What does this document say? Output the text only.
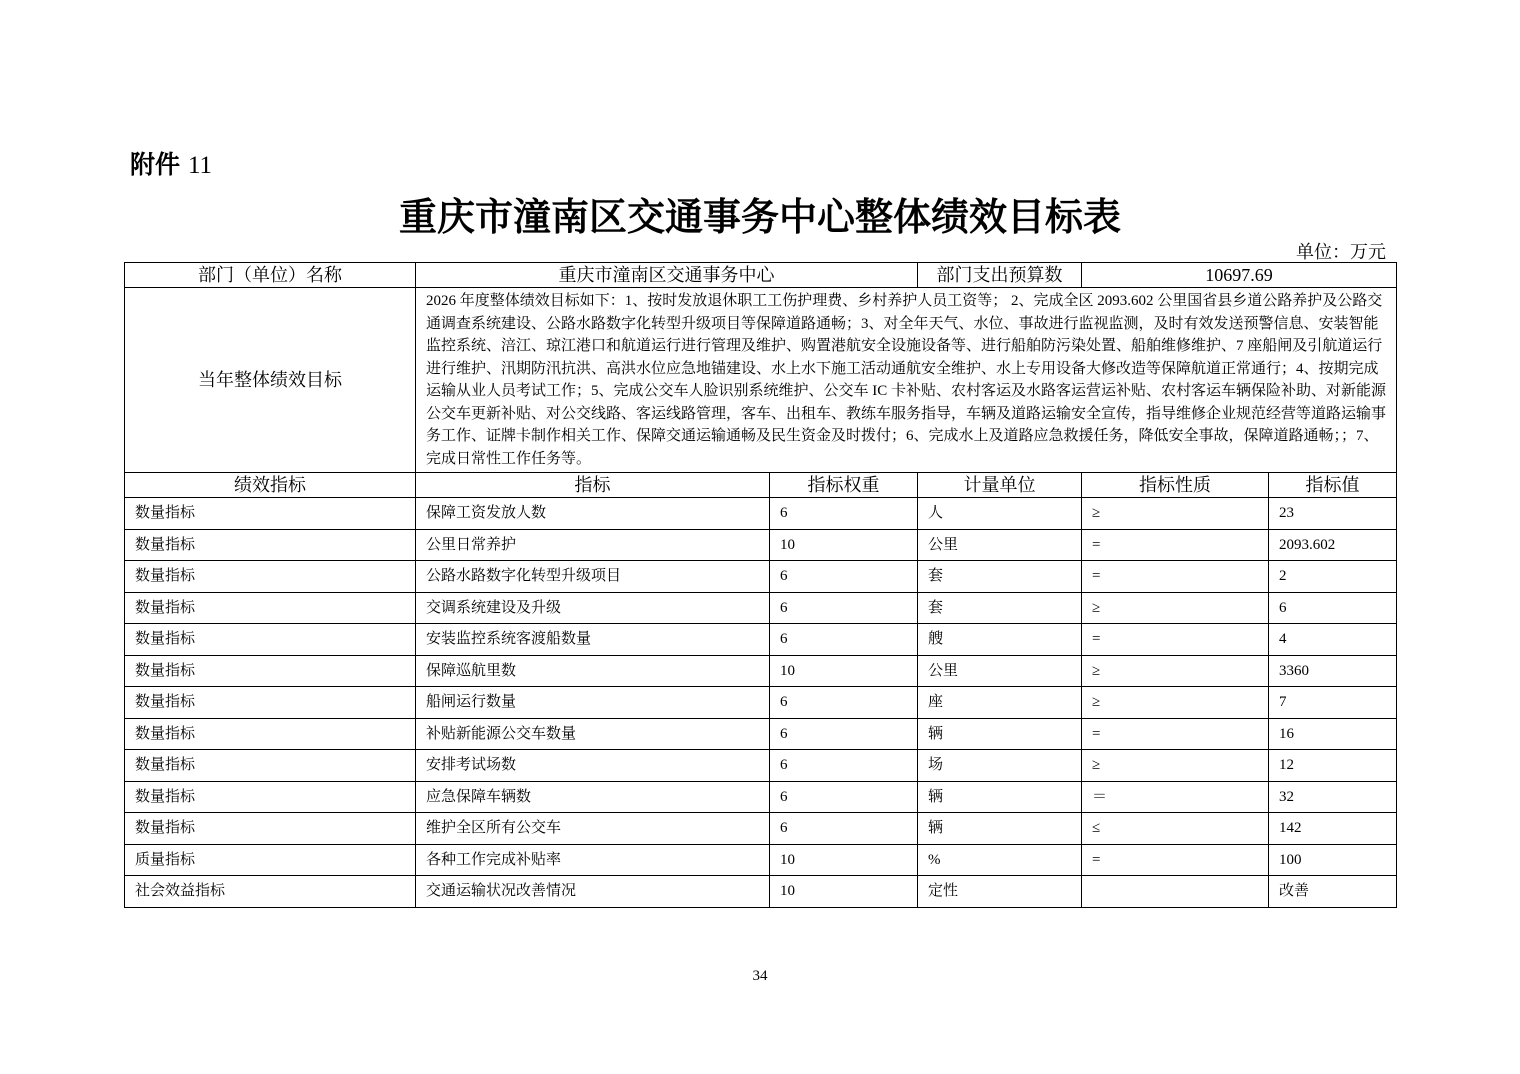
附件 11
重庆市潼南区交通事务中心整体绩效目标表
单位：万元
部门（单位）名称	重庆市潼南区交通事务中心		部门支出预算数	10697.69	
当年整体绩效目标	2026 年度整体绩效目标如下：1、按时发放退休职工工伤护理费、乡村养护人员工资等； 2、完成全区 2093.602 公里国省县乡道公路养护及公路交通调查系统建设、公路水路数字化转型升级项目等保障道路通畅；3、对全年天气、水位、事故进行监视监测，及时有效发送预警信息、安装智能监控系统、涪江、琼江港口和航道运行进行管理及维护、购置港航安全设施设备等、进行船舶防污染处置、船舶维修维护、7 座船闸及引航道运行进行维护、汛期防汛抗洪、高洪水位应急地锚建设、水上水下施工活动通航安全维护、水上专用设备大修改造等保障航道正常通行；4、按期完成运输从业人员考试工作；5、完成公交车人脸识别系统维护、公交车 IC 卡补贴、农村客运及水路客运营运补贴、农村客运车辆保险补助、对新能源公交车更新补贴、对公交线路、客运线路管理，客车、出租车、教练车服务指导，车辆及道路运输安全宣传，指导维修企业规范经营等道路运输事务工作、证牌卡制作相关工作、保障交通运输通畅及民生资金及时拨付；6、完成水上及道路应急救援任务，降低安全事故，保障道路通畅；；7、完成日常性工作任务等。				
绩效指标	指标	指标权重	计量单位	指标性质	指标值
数量指标	保障工资发放人数	6	人	≥	23
数量指标	公里日常养护	10	公里	=	2093.602
数量指标	公路水路数字化转型升级项目	6	套	=	2
数量指标	交调系统建设及升级	6	套	≥	6
数量指标	安装监控系统客渡船数量	6	艘	=	4
数量指标	保障巡航里数	10	公里	≥	3360
数量指标	船闸运行数量	6	座	≥	7
数量指标	补贴新能源公交车数量	6	辆	=	16
数量指标	安排考试场数	6	场	≥	12
数量指标	应急保障车辆数	6	辆	＝	32
数量指标	维护全区所有公交车	6	辆	≤	142
质量指标	各种工作完成补贴率	10	%	=	100
社会效益指标	交通运输状况改善情况	10	定性		改善
34
